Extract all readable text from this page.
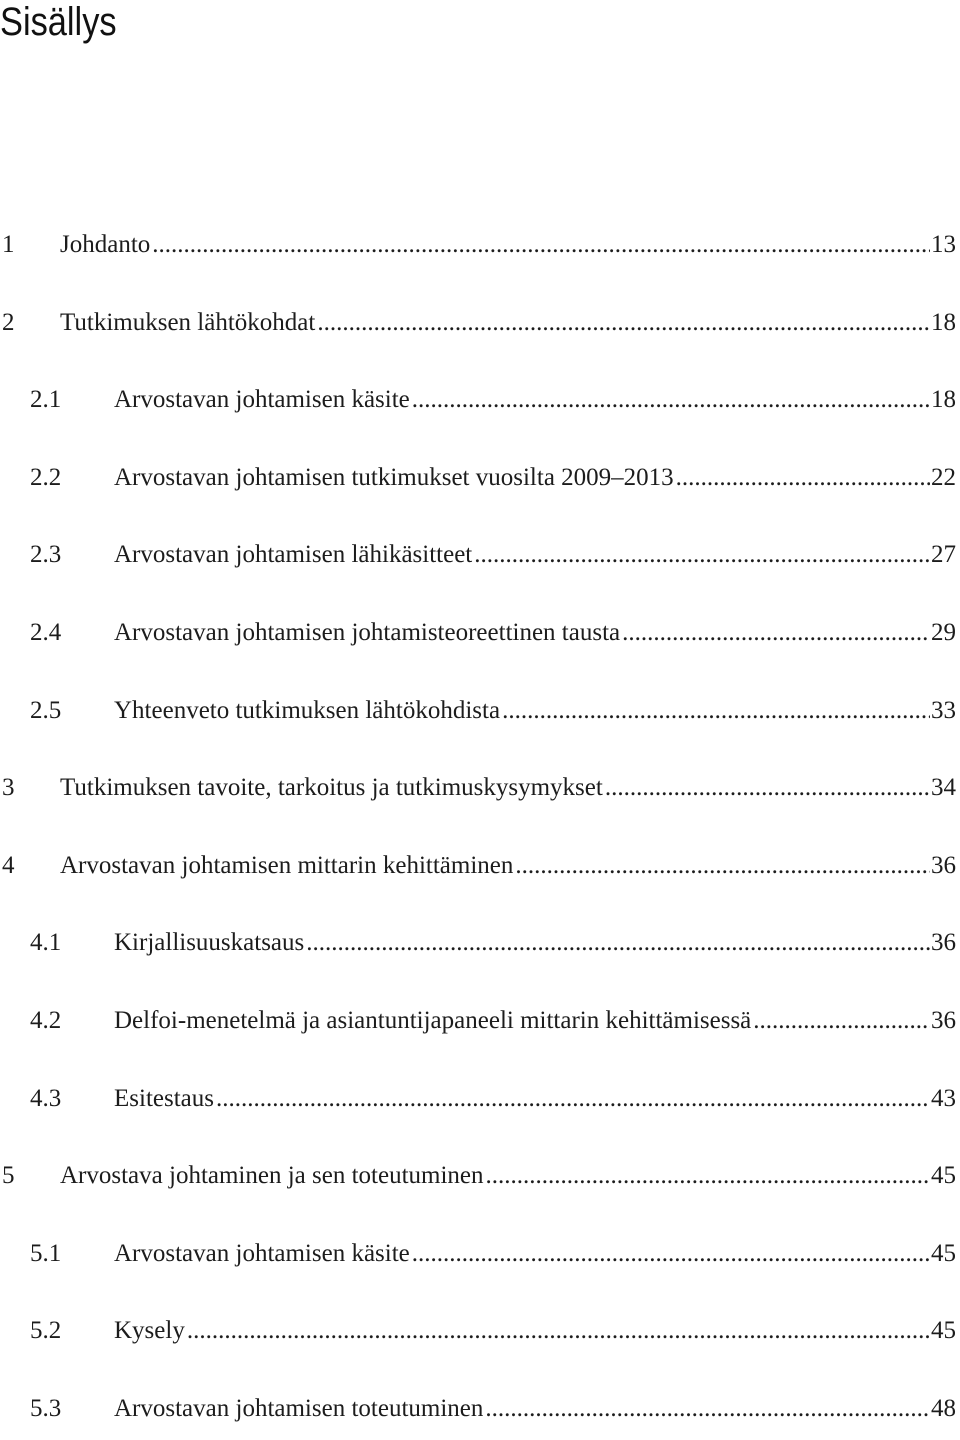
Sisällys
1 Johdanto .....	13
2 Tutkimuksen lähtökohdat .....	18
2.1 Arvostavan johtamisen käsite .....	18
2.2 Arvostavan johtamisen tutkimukset vuosilta 2009–2013 .....	22
2.3 Arvostavan johtamisen lähikäsitteet .....	27
2.4 Arvostavan johtamisen johtamisteoreettinen tausta .....	29
2.5 Yhteenveto tutkimuksen lähtökohdista .....	33
3 Tutkimuksen tavoite, tarkoitus ja tutkimuskysymykset .....	34
4 Arvostavan johtamisen mittarin kehittäminen .....	36
4.1 Kirjallisuuskatsaus .....	36
4.2 Delfoi-menetelmä ja asiantuntijapaneeli mittarin kehittämisessä .....	36
4.3 Esitestaus .....	43
5 Arvostava johtaminen ja sen toteutuminen .....	45
5.1 Arvostavan johtamisen käsite .....	45
5.2 Kysely .....	45
5.3 Arvostavan johtamisen toteutuminen .....	48
